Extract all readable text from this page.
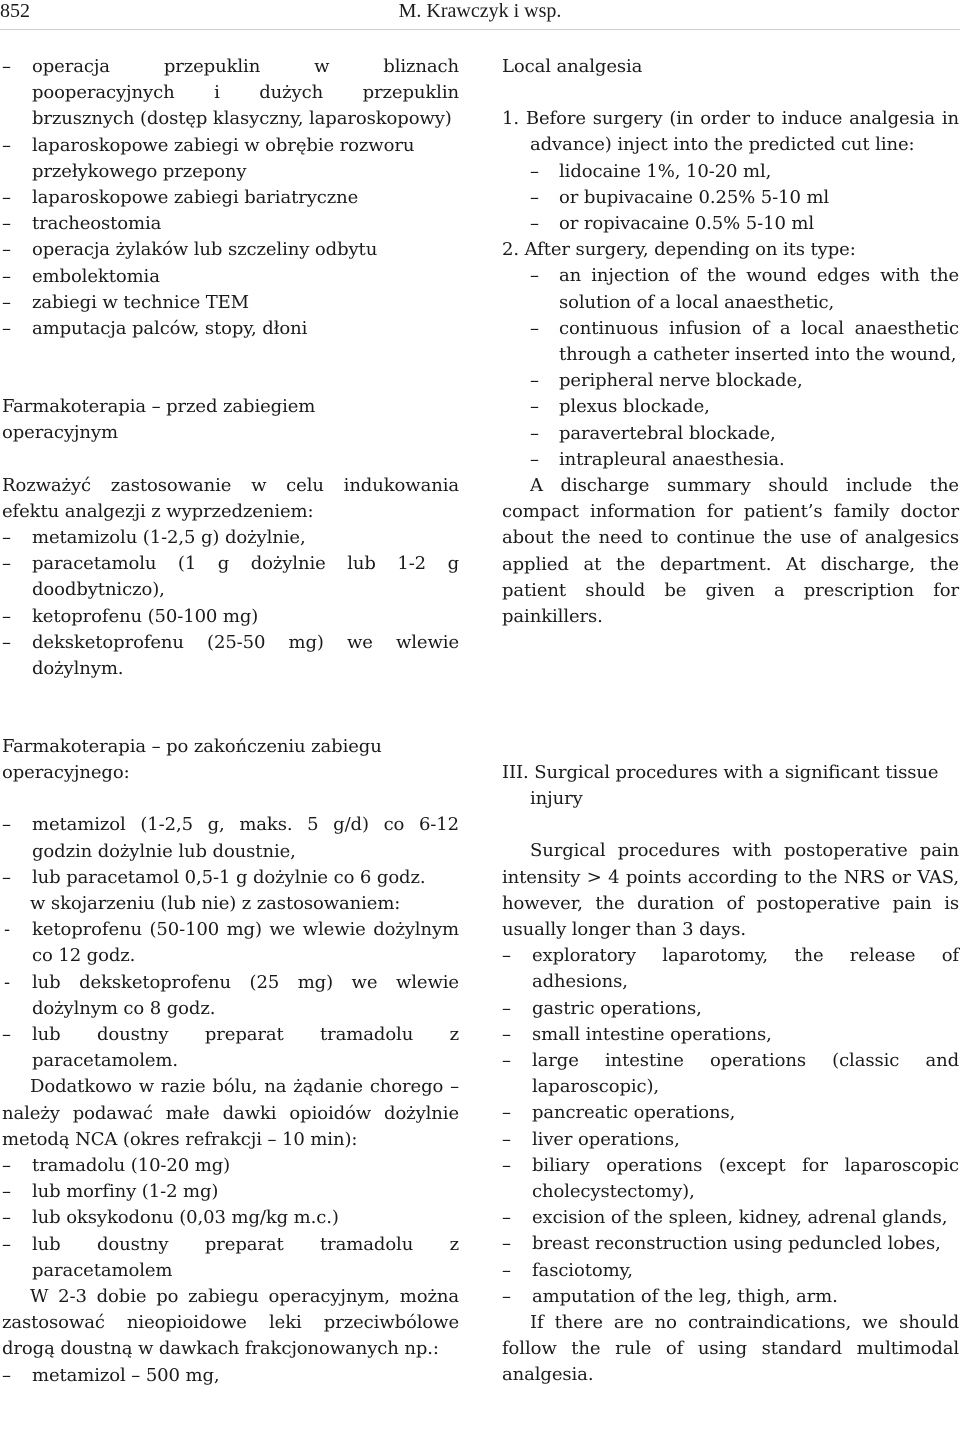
852	M. Krawczyk i wsp.

– operacja przepuklin w bliznach pooperacyjnych i dużych przepuklin brzusznych (dostęp klasyczny, laparoskopowy)

– laparoskopowe zabiegi w obrębie rozworu przełykowego przepony

– laparoskopowe zabiegi bariatryczne

– tracheostomia

– operacja żylaków lub szczeliny odbytu

– embolektomia

– zabiegi w technice TEM

– amputacja palców, stopy, dłoni

Farmakoterapia – przed zabiegiem operacyjnym

Rozważyć zastosowanie w celu indukowania efektu analgezji z wyprzedzeniem:

– metamizolu (1-2,5 g) dożylnie,

– paracetamolu (1 g dożylnie lub 1-2 g doodbytniczo),

– ketoprofenu (50-100 mg)

– deksketoprofenu (25-50 mg) we wlewie dożylnym.

Farmakoterapia – po zakończeniu zabiegu operacyjnego:

– metamizol (1-2,5 g, maks. 5 g/d) co 6-12 godzin dożylnie lub doustnie,

– lub paracetamol 0,5-1 g dożylnie co 6 godz.

w skojarzeniu (lub nie) z zastosowaniem:

- ketoprofenu (50-100 mg) we wlewie dożylnym co 12 godz.

- lub deksketoprofenu (25 mg) we wlewie dożylnym co 8 godz.

– lub doustny preparat tramadolu z paracetamolem.

Dodatkowo w razie bólu, na żądanie chorego – należy podawać małe dawki opioidów dożylnie metodą NCA (okres refrakcji – 10 min):

– tramadolu (10-20 mg)

– lub morfiny (1-2 mg)

– lub oksykodonu (0,03 mg/kg m.c.)

– lub doustny preparat tramadolu z paracetamolem

W 2-3 dobie po zabiegu operacyjnym, można zastosować nieopioidowe leki przeciwbólowe drogą doustną w dawkach frakcjonowanych np.:

– metamizol – 500 mg,

Local analgesia

1. Before surgery (in order to induce analgesia in advance) inject into the predicted cut line:

– lidocaine 1%, 10-20 ml,

– or bupivacaine 0.25% 5-10 ml

– or ropivacaine 0.5% 5-10 ml

2. After surgery, depending on its type:

– an injection of the wound edges with the solution of a local anaesthetic,

– continuous infusion of a local anaesthetic through a catheter inserted into the wound,

– peripheral nerve blockade,

– plexus blockade,

– paravertebral blockade,

– intrapleural anaesthesia.

A discharge summary should include the compact information for patient’s family doctor about the need to continue the use of analgesics applied at the department. At discharge, the patient should be given a prescription for painkillers.

III. Surgical procedures with a significant tissue injury

Surgical procedures with postoperative pain intensity > 4 points according to the NRS or VAS, however, the duration of postoperative pain is usually longer than 3 days.

– exploratory laparotomy, the release of adhesions,

– gastric operations,

– small intestine operations,

– large intestine operations (classic and laparoscopic),

– pancreatic operations,

– liver operations,

– biliary operations (except for laparoscopic cholecystectomy),

– excision of the spleen, kidney, adrenal glands,

– breast reconstruction using peduncled lobes,

– fasciotomy,

– amputation of the leg, thigh, arm.

If there are no contraindications, we should follow the rule of using standard multimodal analgesia.
